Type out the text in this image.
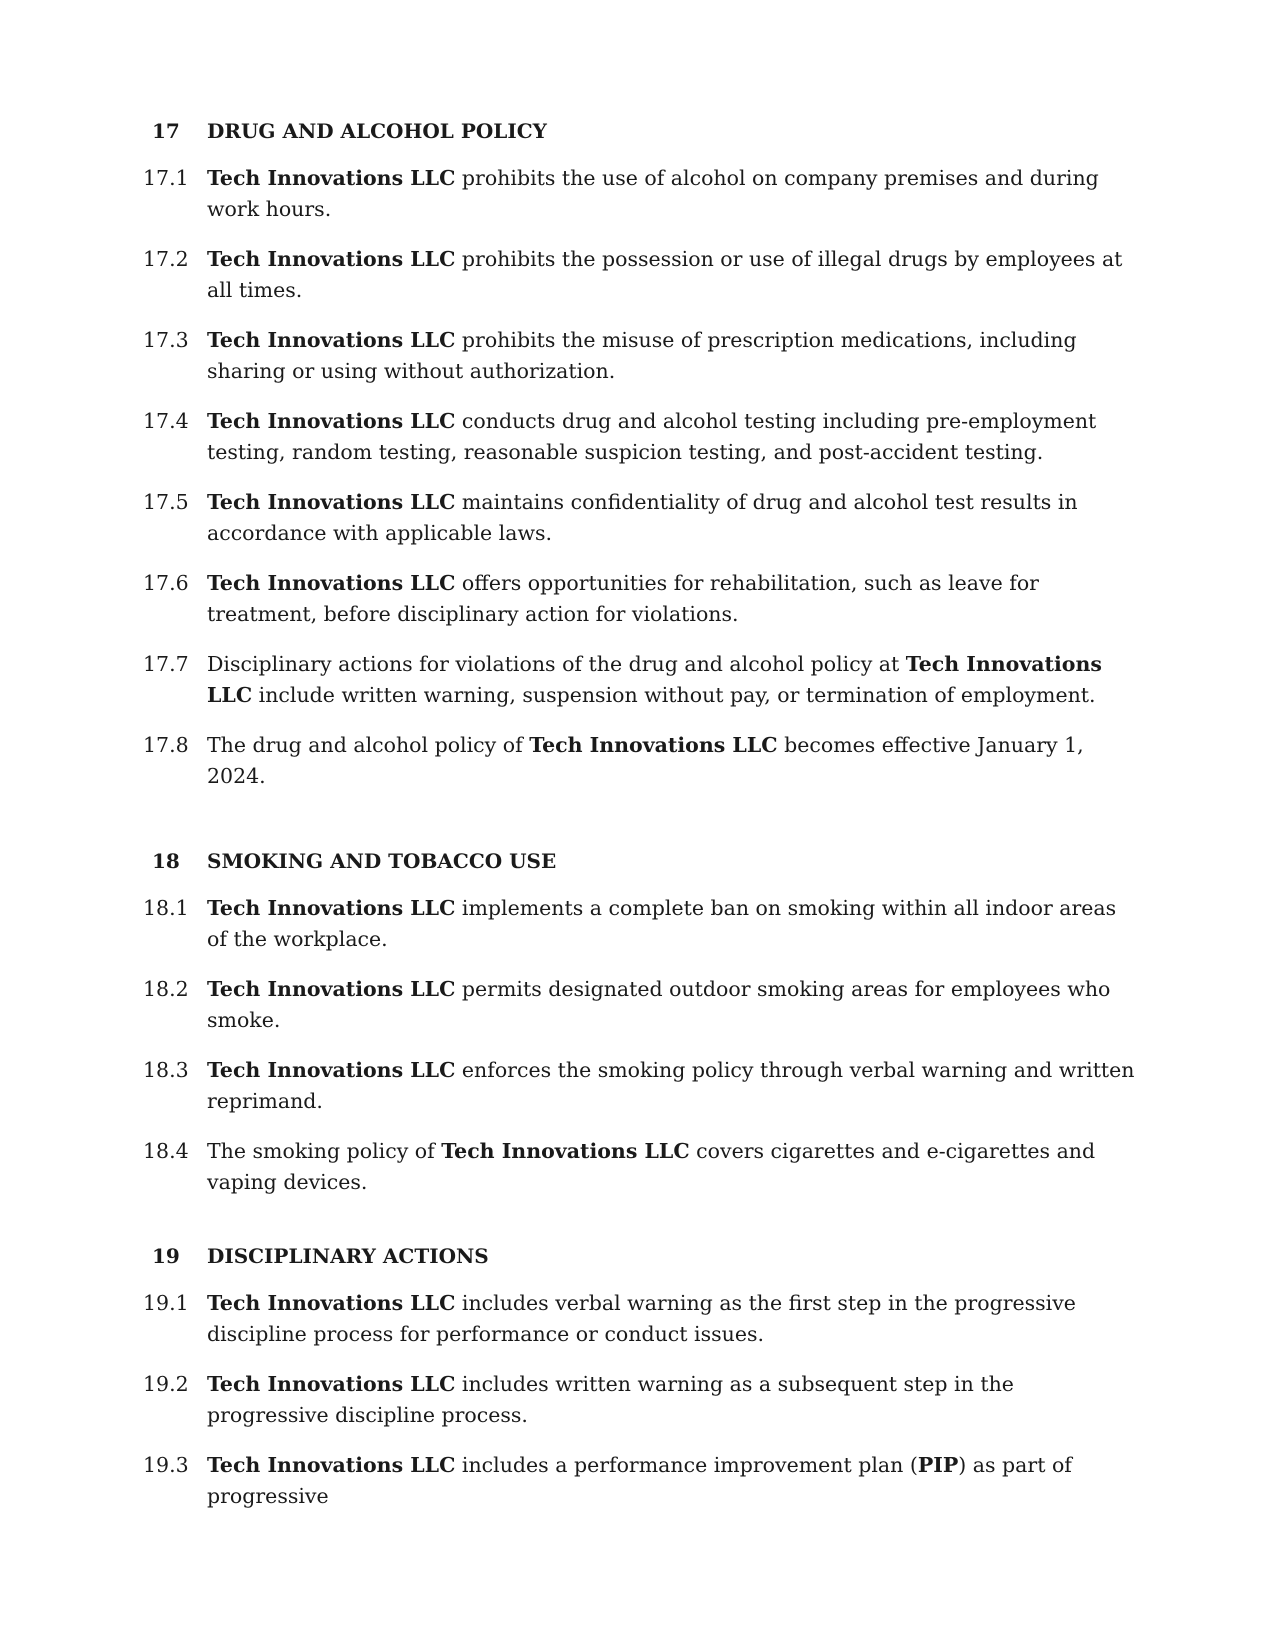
17	DRUG AND ALCOHOL POLICY
17.1 Tech Innovations LLC prohibits the use of alcohol on company premises and during work hours.
17.2 Tech Innovations LLC prohibits the possession or use of illegal drugs by employees at all times.
17.3 Tech Innovations LLC prohibits the misuse of prescription medications, including sharing or using without authorization.
17.4 Tech Innovations LLC conducts drug and alcohol testing including pre-employment testing, random testing, reasonable suspicion testing, and post-accident testing.
17.5 Tech Innovations LLC maintains confidentiality of drug and alcohol test results in accordance with applicable laws.
17.6 Tech Innovations LLC offers opportunities for rehabilitation, such as leave for treatment, before disciplinary action for violations.
17.7 Disciplinary actions for violations of the drug and alcohol policy at Tech Innovations LLC include written warning, suspension without pay, or termination of employment.
17.8 The drug and alcohol policy of Tech Innovations LLC becomes effective January 1, 2024.
18	SMOKING AND TOBACCO USE
18.1 Tech Innovations LLC implements a complete ban on smoking within all indoor areas of the workplace.
18.2 Tech Innovations LLC permits designated outdoor smoking areas for employees who smoke.
18.3 Tech Innovations LLC enforces the smoking policy through verbal warning and written reprimand.
18.4 The smoking policy of Tech Innovations LLC covers cigarettes and e-cigarettes and vaping devices.
19	DISCIPLINARY ACTIONS
19.1 Tech Innovations LLC includes verbal warning as the first step in the progressive discipline process for performance or conduct issues.
19.2 Tech Innovations LLC includes written warning as a subsequent step in the progressive discipline process.
19.3 Tech Innovations LLC includes a performance improvement plan (PIP) as part of progressive
